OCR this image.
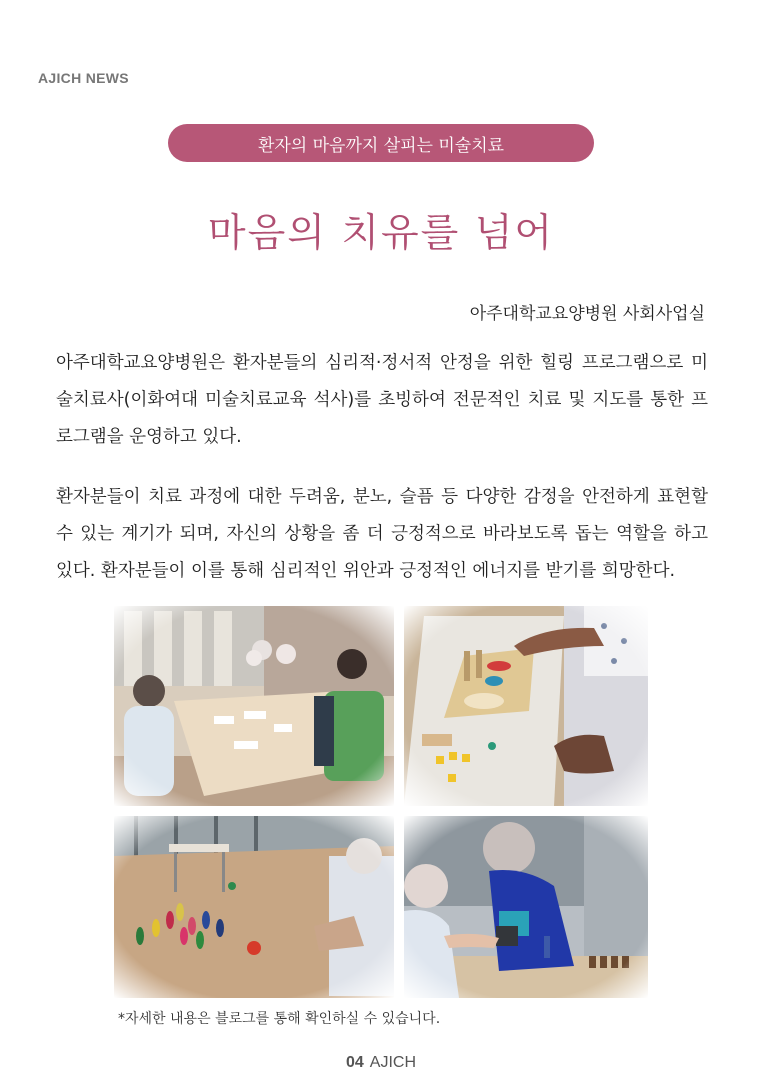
AJICH NEWS
환자의 마음까지 살피는 미술치료
마음의 치유를 넘어
아주대학교요양병원 사회사업실

아주대학교요양병원은 환자분들의 심리적·정서적 안정을 위한 힐링 프로그램으로 미술치료사(이화여대 미술치료교육 석사)를 초빙하여 전문적인 치료 및 지도를 통한 프로그램을 운영하고 있다.

환자분들이 치료 과정에 대한 두려움, 분노, 슬픔 등 다양한 감정을 안전하게 표현할 수 있는 계기가 되며, 자신의 상황을 좀 더 긍정적으로 바라보도록 돕는 역할을 하고 있다. 환자분들이 이를 통해 심리적인 위안과 긍정적인 에너지를 받기를 희망한다.

*자세한 내용은 블로그를 통해 확인하실 수 있습니다.
04 AJICH
